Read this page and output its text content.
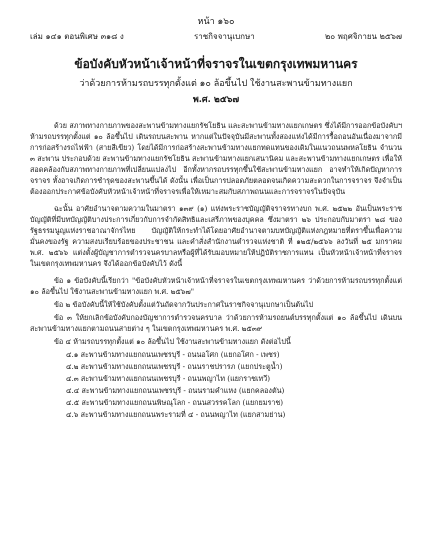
หน้า ๑๖๐
เล่ม ๑๔๑ ตอนพิเศษ ๓๑๘ ง	ราชกิจจานุเบกษา	๒๐ พฤศจิกายน ๒๕๖๗
ข้อบังคับหัวหน้าเจ้าหน้าที่จราจรในเขตกรุงเทพมหานคร
ว่าด้วยการห้ามรถบรรทุกตั้งแต่ ๑๐ ล้อขึ้นไป ใช้งานสะพานข้ามทางแยก
พ.ศ. ๒๕๖๗

ด้วย สภาพทางกายภาพของสะพานข้ามทางแยกรัชโยธิน และสะพานข้ามทางแยกเกษตร ซึ่งได้มีการออกข้อบังคับฯ ห้ามรถบรรทุกตั้งแต่ ๑๐ ล้อขึ้นไป เดินรถบนสะพาน หากแต่ในปัจจุบันมีสะพานทั้งสองแห่งได้มีการรื้อถอนอันเนื่องมาจากมีการก่อสร้างรถไฟฟ้า (สายสีเขียว) โดยได้มีการก่อสร้างสะพานข้ามทางแยกทดแทนของเดิมในแนวถนนพหลโยธิน จำนวน ๓ สะพาน ประกอบด้วย สะพานข้ามทางแยกรัชโยธิน สะพานข้ามทางแยกเสนานิคม และสะพานข้ามทางแยกเกษตร เพื่อให้สอดคล้องกับสภาพทางกายภาพที่เปลี่ยนแปลงไป อีกทั้งหากรถบรรทุกขึ้นใช้สะพานข้ามทางแยก อาจทำให้เกิดปัญหาการจราจร ทั้งอาจเกิดการชำรุดของสะพานขึ้นได้ ดังนั้น เพื่อเป็นการปลอดภัยตลอดจนเกิดความสะดวกในการจราจร จึงจำเป็นต้องออกประกาศข้อบังคับหัวหน้าเจ้าหน้าที่จราจรเพื่อให้เหมาะสมกับสภาพถนนและการจราจรในปัจจุบัน

ฉะนั้น อาศัยอำนาจตามความในมาตรา ๑๓๙ (๑) แห่งพระราชบัญญัติจราจรทางบก พ.ศ. ๒๕๒๒ อันเป็นพระราชบัญญัติที่มีบทบัญญัติบางประการเกี่ยวกับการจำกัดสิทธิและเสรีภาพของบุคคล ซึ่งมาตรา ๒๖ ประกอบกับมาตรา ๒๘ ของรัฐธรรมนูญแห่งราชอาณาจักรไทย บัญญัติให้กระทำได้โดยอาศัยอำนาจตามบทบัญญัติแห่งกฎหมายที่ตราขึ้นเพื่อความมั่นคงของรัฐ ความสงบเรียบร้อยของประชาชน และคำสั่งสำนักงานตำรวจแห่งชาติ ที่ ๑๒๕/๒๕๖๖ ลงวันที่ ๒๕ มกราคม พ.ศ. ๒๕๖๖ แต่งตั้งผู้บัญชาการตำรวจนครบาลหรือผู้ที่ได้รับมอบหมายให้ปฏิบัติราชการแทน เป็นหัวหน้าเจ้าหน้าที่จราจรในเขตกรุงเทพมหานคร จึงได้ออกข้อบังคับไว้ ดังนี้

ข้อ ๑ ข้อบังคับนี้เรียกว่า "ข้อบังคับหัวหน้าเจ้าหน้าที่จราจรในเขตกรุงเทพมหานคร ว่าด้วยการห้ามรถบรรทุกตั้งแต่ ๑๐ ล้อขึ้นไป ใช้งานสะพานข้ามทางแยก พ.ศ. ๒๕๖๗"

ข้อ ๒ ข้อบังคับนี้ให้ใช้บังคับตั้งแต่วันถัดจากวันประกาศในราชกิจจานุเบกษาเป็นต้นไป

ข้อ ๓ ให้ยกเลิกข้อบังคับกองบัญชาการตำรวจนครบาล ว่าด้วยการห้ามรถยนต์บรรทุกตั้งแต่ ๑๐ ล้อขึ้นไป เดินบนสะพานข้ามทางแยกตามถนนสายต่าง ๆ ในเขตกรุงเทพมหานคร พ.ศ. ๒๕๓๙

ข้อ ๔ ห้ามรถบรรทุกตั้งแต่ ๑๐ ล้อขึ้นไป ใช้งานสะพานข้ามทางแยก ดังต่อไปนี้

๔.๑ สะพานข้ามทางแยกถนนเพชรบุรี - ถนนอโศก (แยกอโศก - เพชร)
๔.๒ สะพานข้ามทางแยกถนนเพชรบุรี - ถนนราชปรารภ (แยกประตูน้ำ)
๔.๓ สะพานข้ามทางแยกถนนเพชรบุรี - ถนนพญาไท (แยกราชเทวี)
๔.๔ สะพานข้ามทางแยกถนนเพชรบุรี - ถนนรามคำแหง (แยกคลองตัน)
๔.๕ สะพานข้ามทางแยกถนนพิษณุโลก - ถนนสวรรคโลก (แยกยมราช)
๔.๖ สะพานข้ามทางแยกถนนพระรามที่ ๔ - ถนนพญาไท (แยกสามย่าน)
